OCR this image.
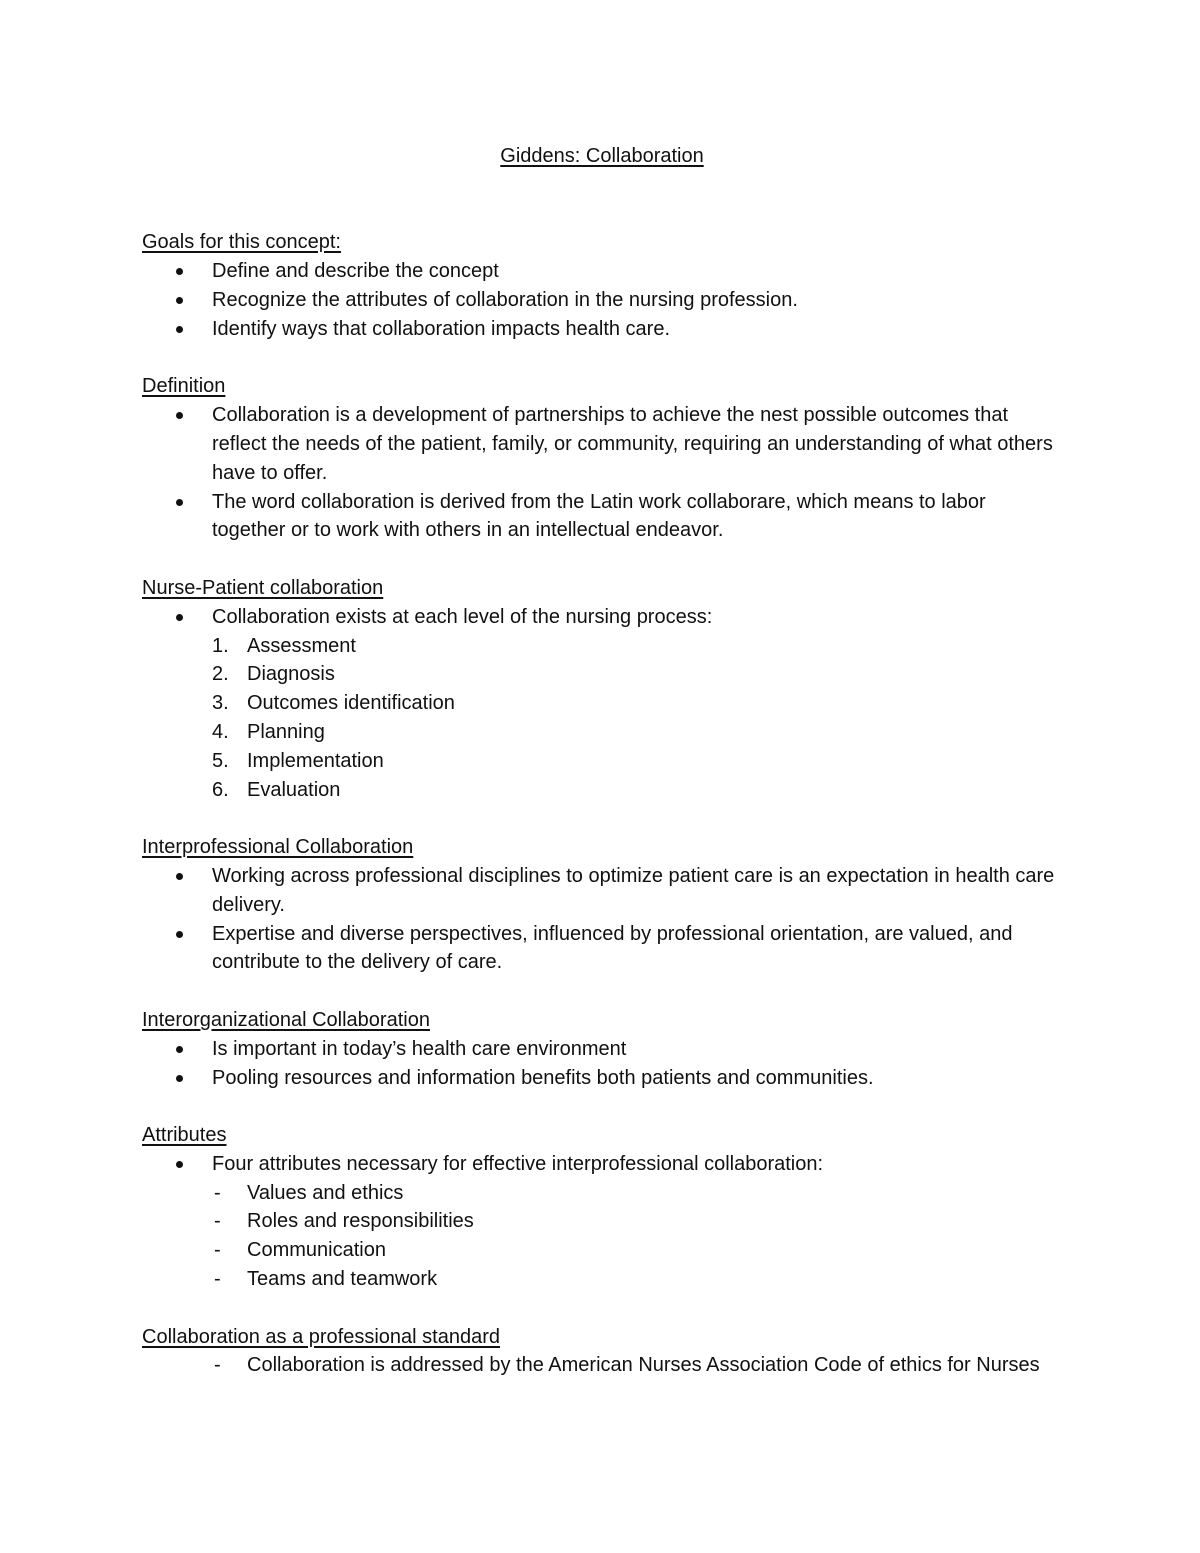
Giddens: Collaboration
Goals for this concept:
Define and describe the concept
Recognize the attributes of collaboration in the nursing profession.
Identify ways that collaboration impacts health care.
Definition
Collaboration is a development of partnerships to achieve the nest possible outcomes that reflect the needs of the patient, family, or community, requiring an understanding of what others have to offer.
The word collaboration is derived from the Latin work collaborare, which means to labor together or to work with others in an intellectual endeavor.
Nurse-Patient collaboration
Collaboration exists at each level of the nursing process:
1. Assessment
2. Diagnosis
3. Outcomes identification
4. Planning
5. Implementation
6. Evaluation
Interprofessional Collaboration
Working across professional disciplines to optimize patient care is an expectation in health care delivery.
Expertise and diverse perspectives, influenced by professional orientation, are valued, and contribute to the delivery of care.
Interorganizational Collaboration
Is important in today’s health care environment
Pooling resources and information benefits both patients and communities.
Attributes
Four attributes necessary for effective interprofessional collaboration:
- Values and ethics
- Roles and responsibilities
- Communication
- Teams and teamwork
Collaboration as a professional standard
- Collaboration is addressed by the American Nurses Association Code of ethics for Nurses
